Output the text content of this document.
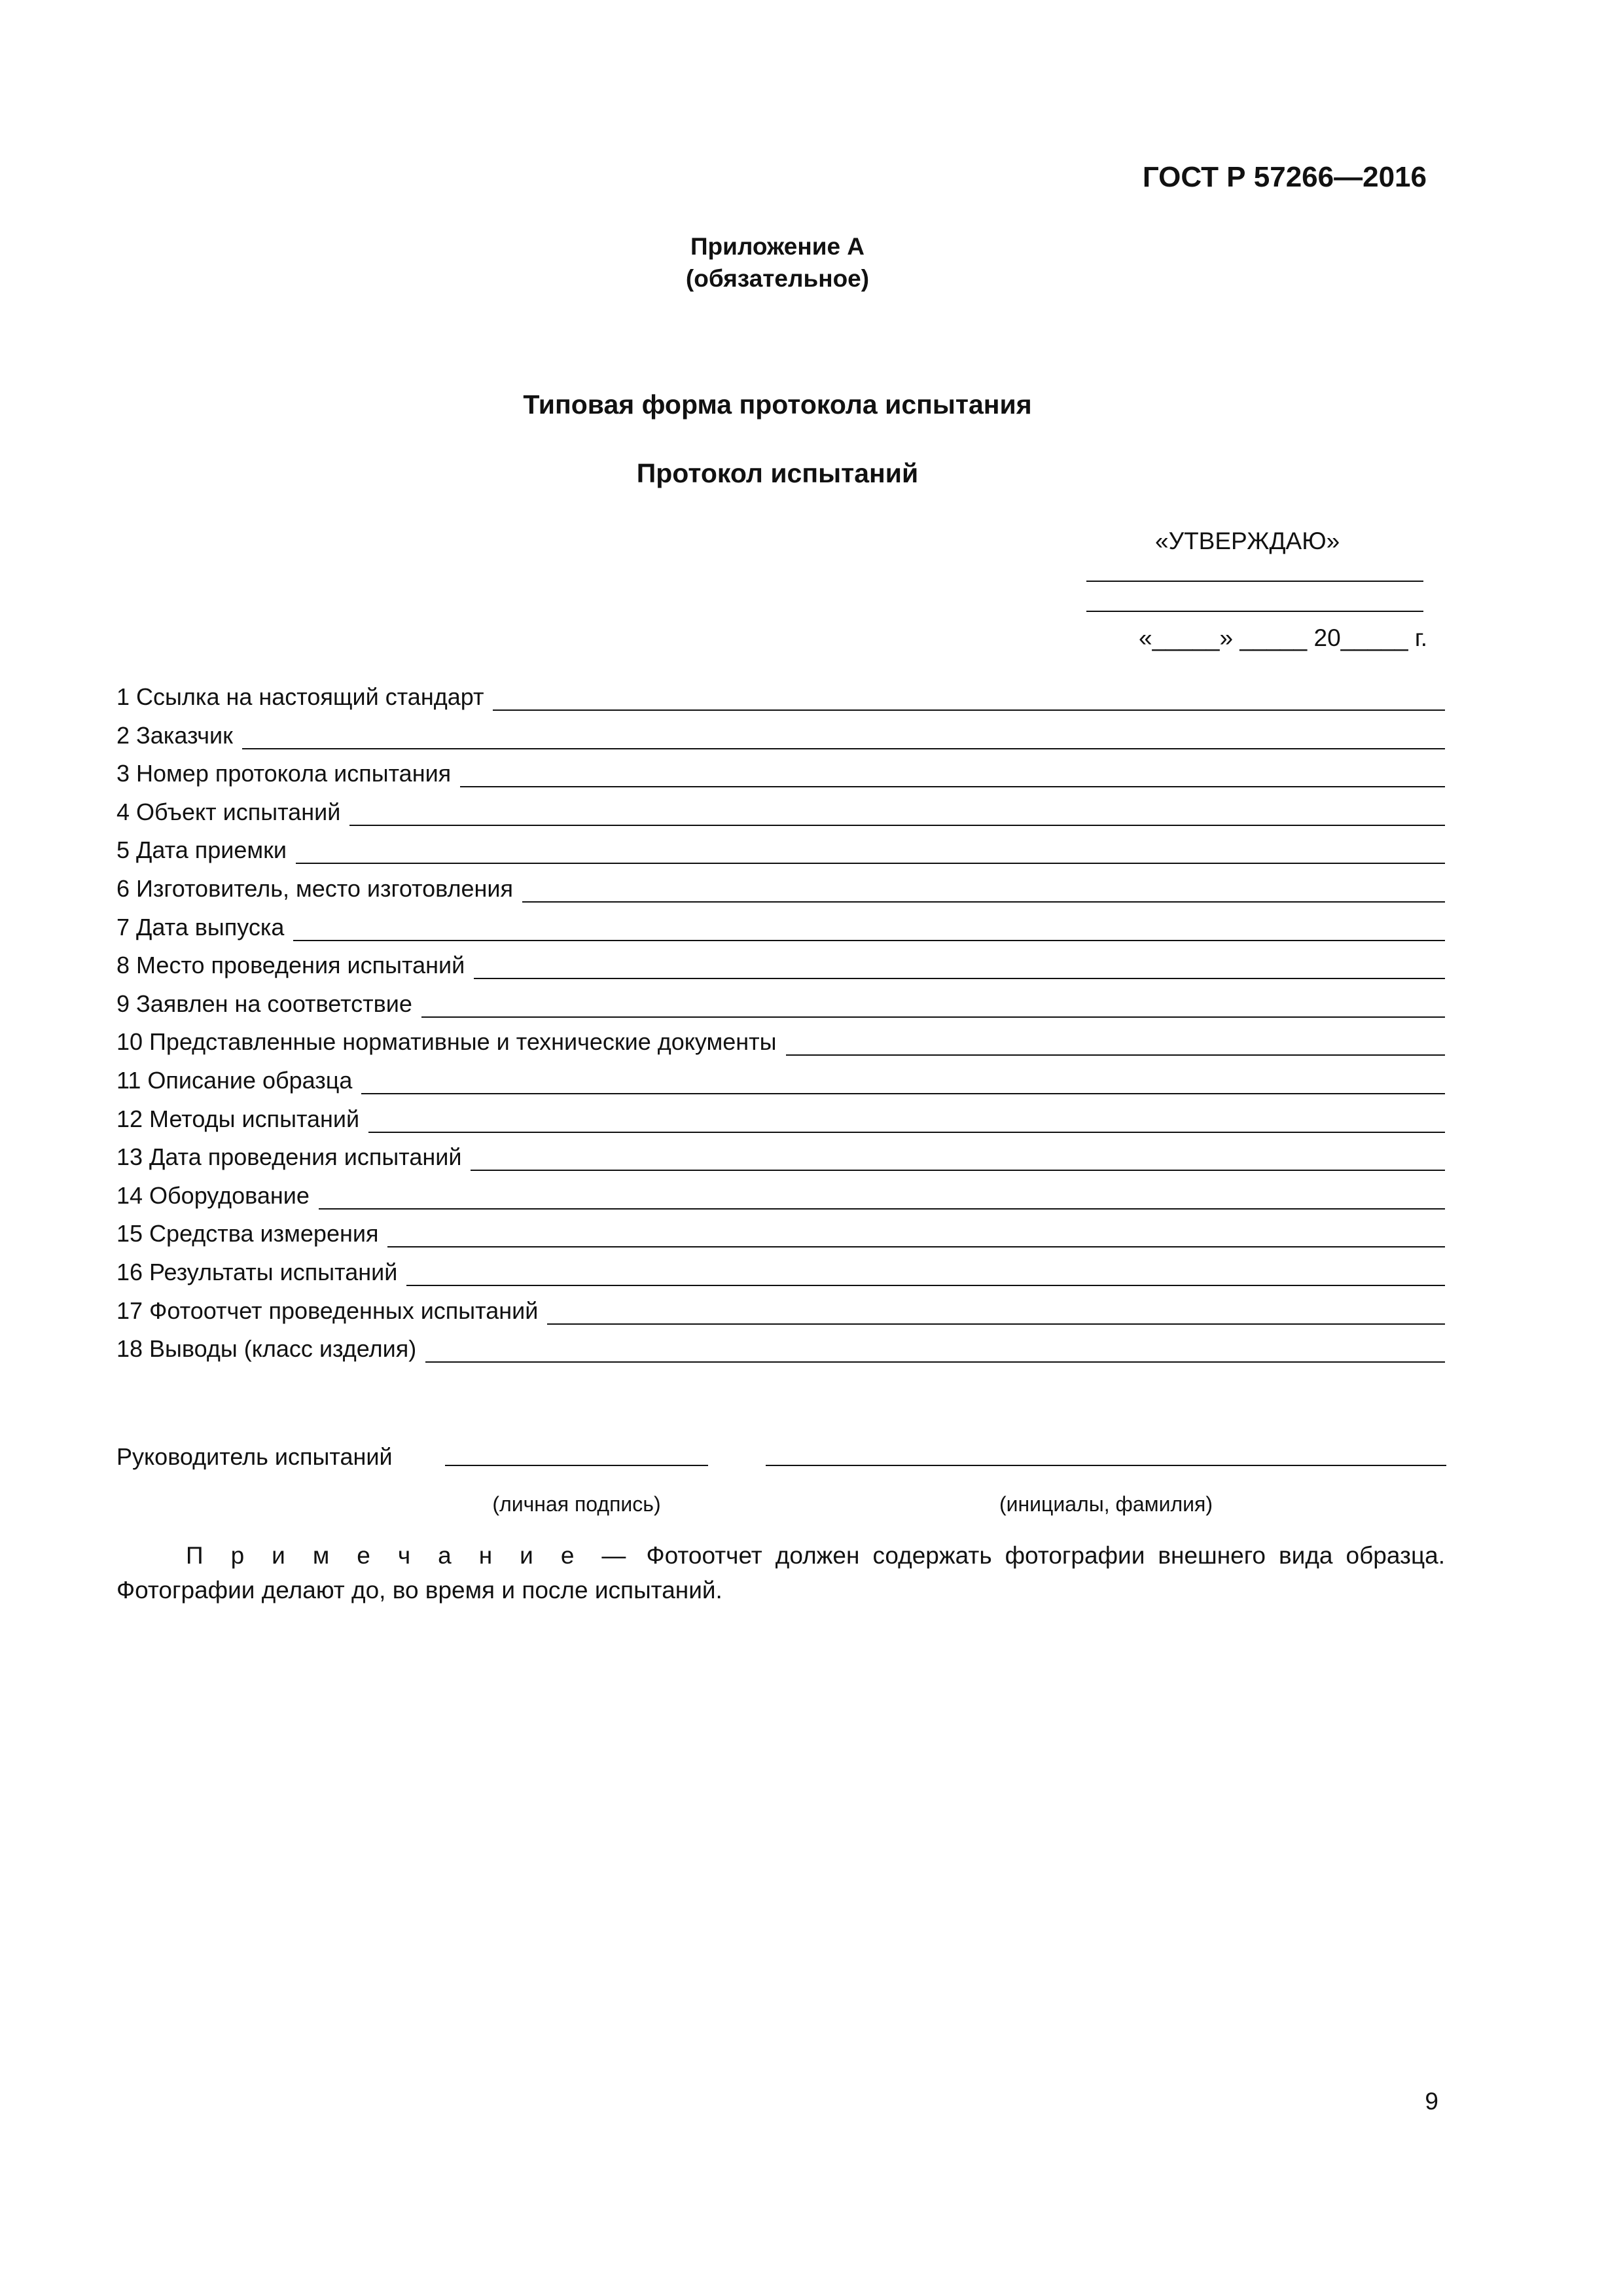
ГОСТ Р 57266—2016
Приложение А
(обязательное)
Типовая форма протокола испытания
Протокол испытаний
«УТВЕРЖДАЮ»
«_____» _____ 20_____ г.
1 Ссылка на настоящий стандарт
2 Заказчик
3 Номер протокола испытания
4 Объект испытаний
5 Дата приемки
6 Изготовитель, место изготовления
7 Дата выпуска
8 Место проведения испытаний
9 Заявлен на соответствие
10 Представленные нормативные и технические документы
11 Описание образца
12 Методы испытаний
13 Дата проведения испытаний
14 Оборудование
15 Средства измерения
16 Результаты испытаний
17 Фотоотчет проведенных испытаний
18 Выводы (класс изделия)
Руководитель испытаний
(личная подпись)	(инициалы, фамилия)
П р и м е ч а н и е — Фотоотчет должен содержать фотографии внешнего вида образца. Фотографии делают до, во время и после испытаний.
9
